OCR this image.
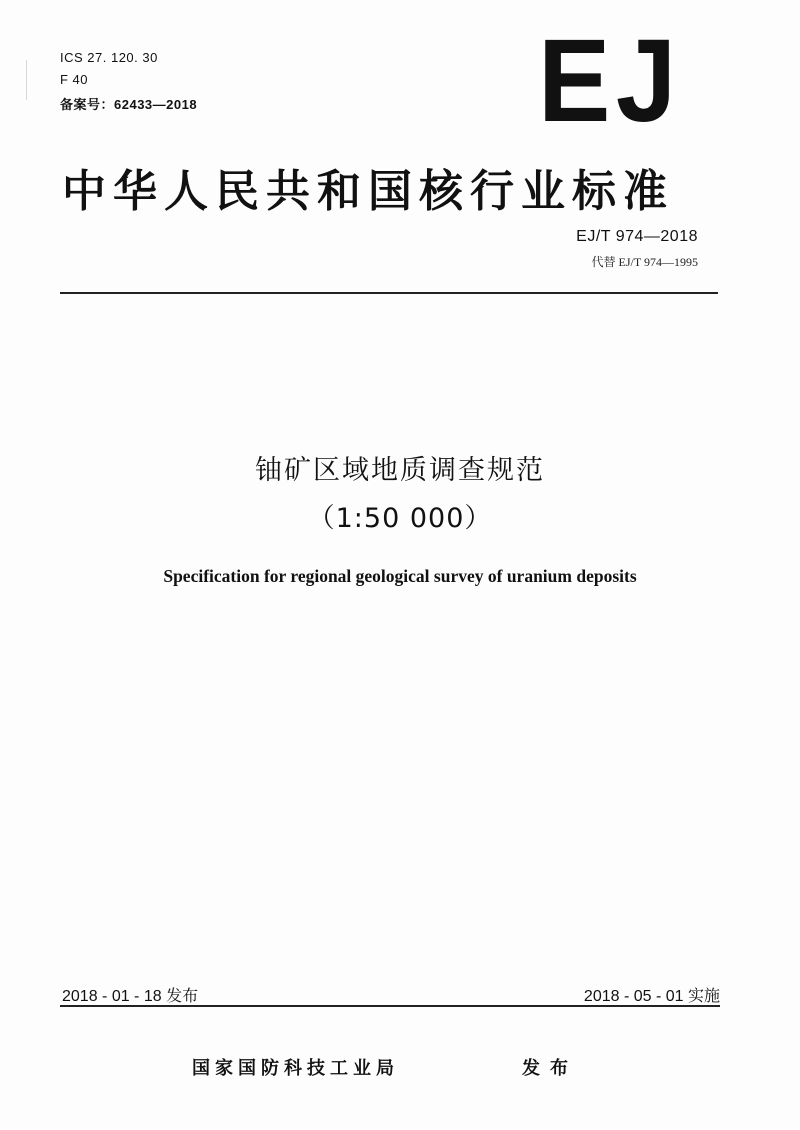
ICS 27. 120. 30
F 40
备案号：62433—2018	EJ
中华人民共和国核行业标准
EJ/T 974—2018
代替 EJ/T 974—1995
铀矿区域地质调查规范
（1:50 000）
Specification for regional geological survey of uranium deposits
2018 - 01 - 18 发布	2018 - 05 - 01 实施
国家国防科技工业局	发布
